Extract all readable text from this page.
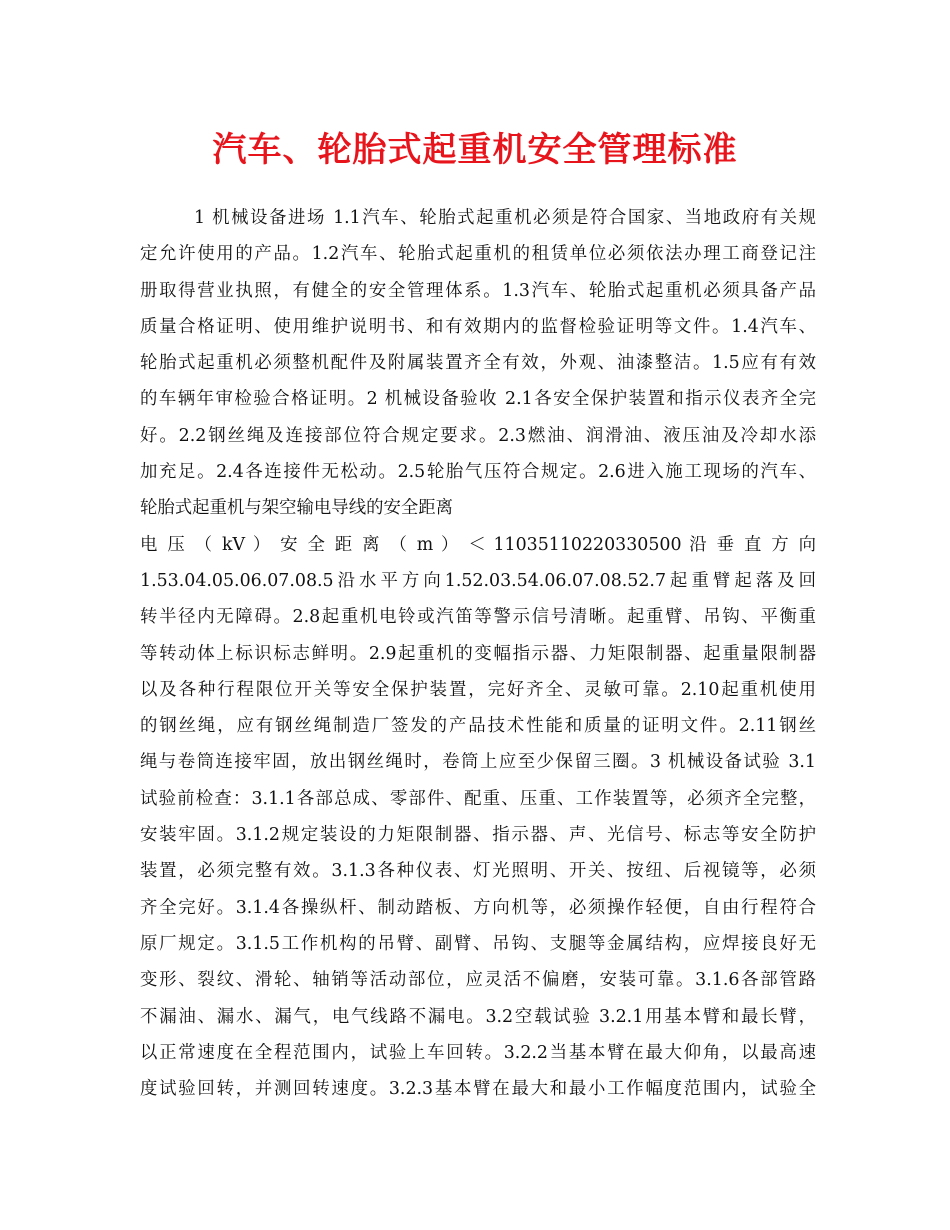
汽车、轮胎式起重机安全管理标准
1 机械设备进场 1.1汽车、轮胎式起重机必须是符合国家、当地政府有关规
定允许使用的产品。1.2汽车、轮胎式起重机的租赁单位必须依法办理工商登记注
册取得营业执照，有健全的安全管理体系。1.3汽车、轮胎式起重机必须具备产品
质量合格证明、使用维护说明书、和有效期内的监督检验证明等文件。1.4汽车、
轮胎式起重机必须整机配件及附属装置齐全有效，外观、油漆整洁。1.5应有有效
的车辆年审检验合格证明。2 机械设备验收 2.1各安全保护装置和指示仪表齐全完
好。2.2钢丝绳及连接部位符合规定要求。2.3燃油、润滑油、液压油及冷却水添
加充足。2.4各连接件无松动。2.5轮胎气压符合规定。2.6进入施工现场的汽车、
轮胎式起重机与架空输电导线的安全距离
电 压 （ kV ） 安 全 距 离 （ m ） ＜ 11035110220330500 沿 垂 直 方 向
1.53.04.05.06.07.08.5沿水平方向1.52.03.54.06.07.08.52.7起重臂起落及回
转半径内无障碍。2.8起重机电铃或汽笛等警示信号清晰。起重臂、吊钩、平衡重
等转动体上标识标志鲜明。2.9起重机的变幅指示器、力矩限制器、起重量限制器
以及各种行程限位开关等安全保护装置，完好齐全、灵敏可靠。2.10起重机使用
的钢丝绳，应有钢丝绳制造厂签发的产品技术性能和质量的证明文件。2.11钢丝
绳与卷筒连接牢固，放出钢丝绳时，卷筒上应至少保留三圈。3 机械设备试验 3.1
试验前检查：3.1.1各部总成、零部件、配重、压重、工作装置等，必须齐全完整，
安装牢固。3.1.2规定装设的力矩限制器、指示器、声、光信号、标志等安全防护
装置，必须完整有效。3.1.3各种仪表、灯光照明、开关、按纽、后视镜等，必须
齐全完好。3.1.4各操纵杆、制动踏板、方向机等，必须操作轻便，自由行程符合
原厂规定。3.1.5工作机构的吊臂、副臂、吊钩、支腿等金属结构，应焊接良好无
变形、裂纹、滑轮、轴销等活动部位，应灵活不偏磨，安装可靠。3.1.6各部管路
不漏油、漏水、漏气，电气线路不漏电。3.2空载试验 3.2.1用基本臂和最长臂，
以正常速度在全程范围内，试验上车回转。3.2.2当基本臂在最大仰角，以最高速
度试验回转，并测回转速度。3.2.3基本臂在最大和最小工作幅度范围内，试验全
